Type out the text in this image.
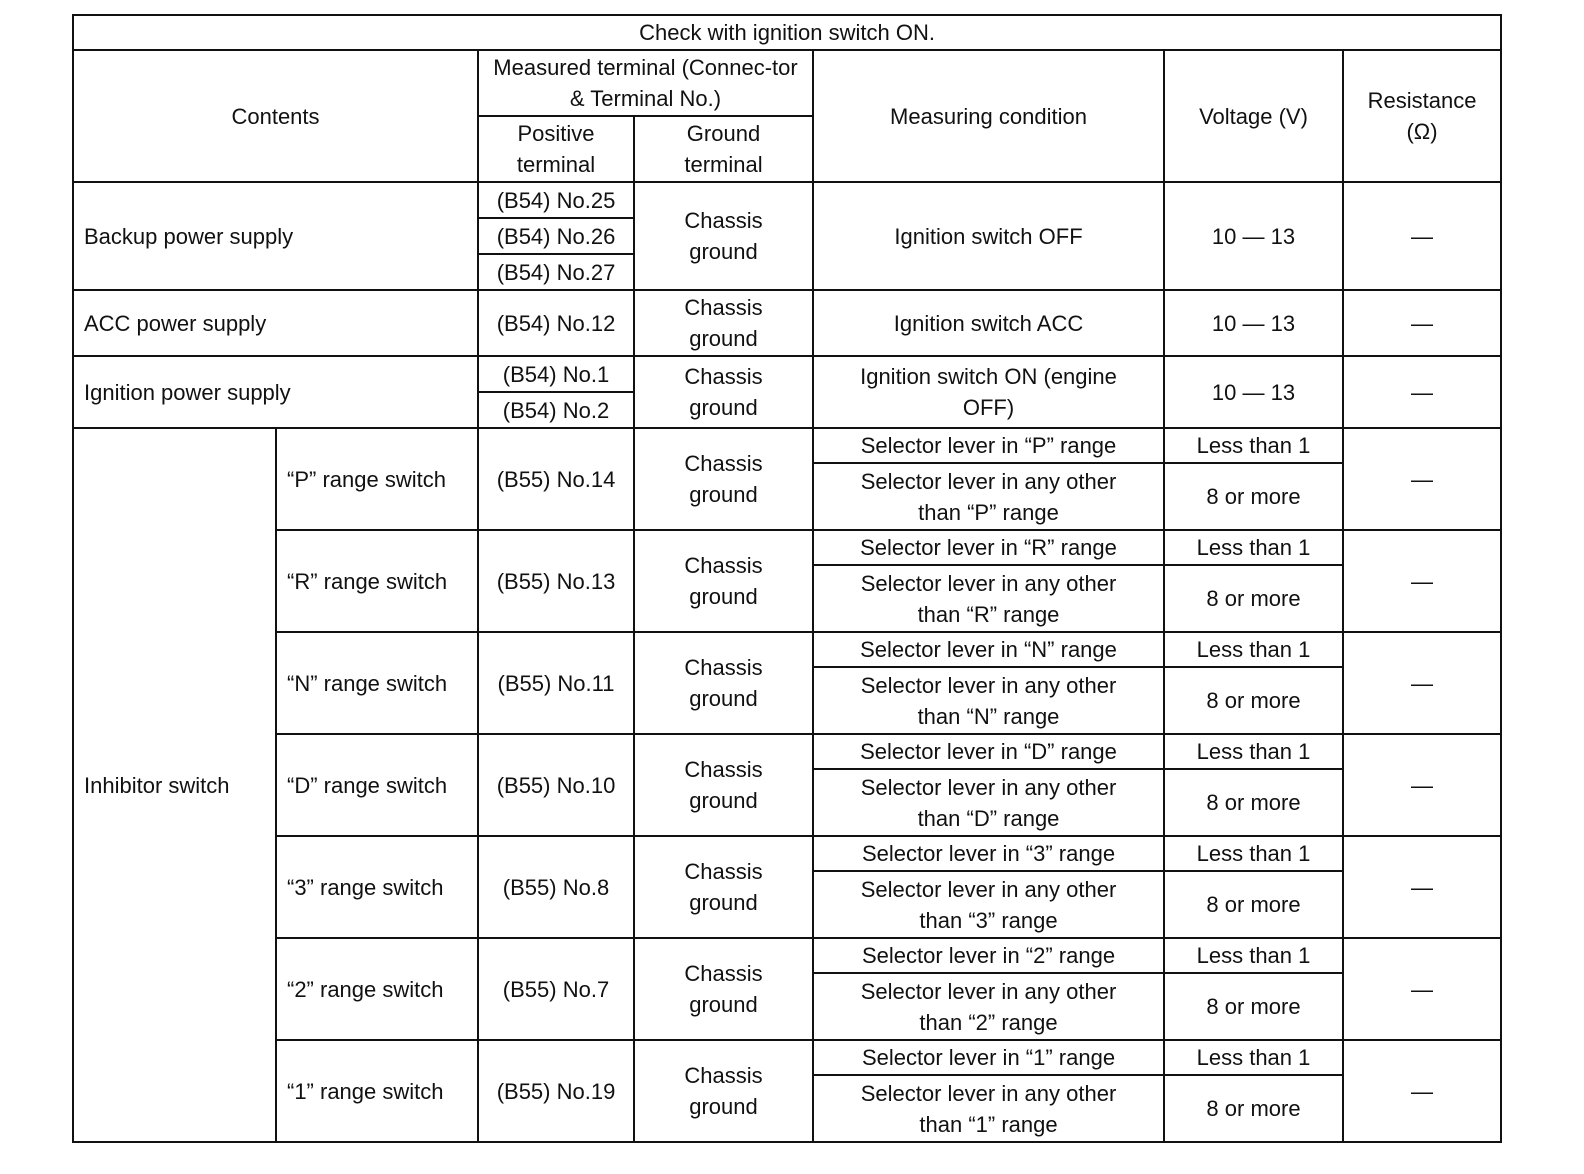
Check with ignition switch ON.						
Contents		Measured terminal (Connec-tor & Terminal No.)		Measuring condition	Voltage (V)	Resistance (Ω)
		Positive terminal	Ground terminal			
Backup power supply		(B54) No.25	Chassis ground	Ignition switch OFF	10 — 13	—
		(B54) No.26				
		(B54) No.27				
ACC power supply		(B54) No.12	Chassis ground	Ignition switch ACC	10 — 13	—
Ignition power supply		(B54) No.1	Chassis ground	Ignition switch ON (engine OFF)	10 — 13	—
		(B54) No.2				
Inhibitor switch	“P” range switch	(B55) No.14	Chassis ground	Selector lever in “P” range	Less than 1	—
				Selector lever in any other than “P” range	8 or more	
	“R” range switch	(B55) No.13	Chassis ground	Selector lever in “R” range	Less than 1	—
				Selector lever in any other than “R” range	8 or more	
	“N” range switch	(B55) No.11	Chassis ground	Selector lever in “N” range	Less than 1	—
				Selector lever in any other than “N” range	8 or more	
	“D” range switch	(B55) No.10	Chassis ground	Selector lever in “D” range	Less than 1	—
				Selector lever in any other than “D” range	8 or more	
	“3” range switch	(B55) No.8	Chassis ground	Selector lever in “3” range	Less than 1	—
				Selector lever in any other than “3” range	8 or more	
	“2” range switch	(B55) No.7	Chassis ground	Selector lever in “2” range	Less than 1	—
				Selector lever in any other than “2” range	8 or more	
	“1” range switch	(B55) No.19	Chassis ground	Selector lever in “1” range	Less than 1	—
				Selector lever in any other than “1” range	8 or more	
